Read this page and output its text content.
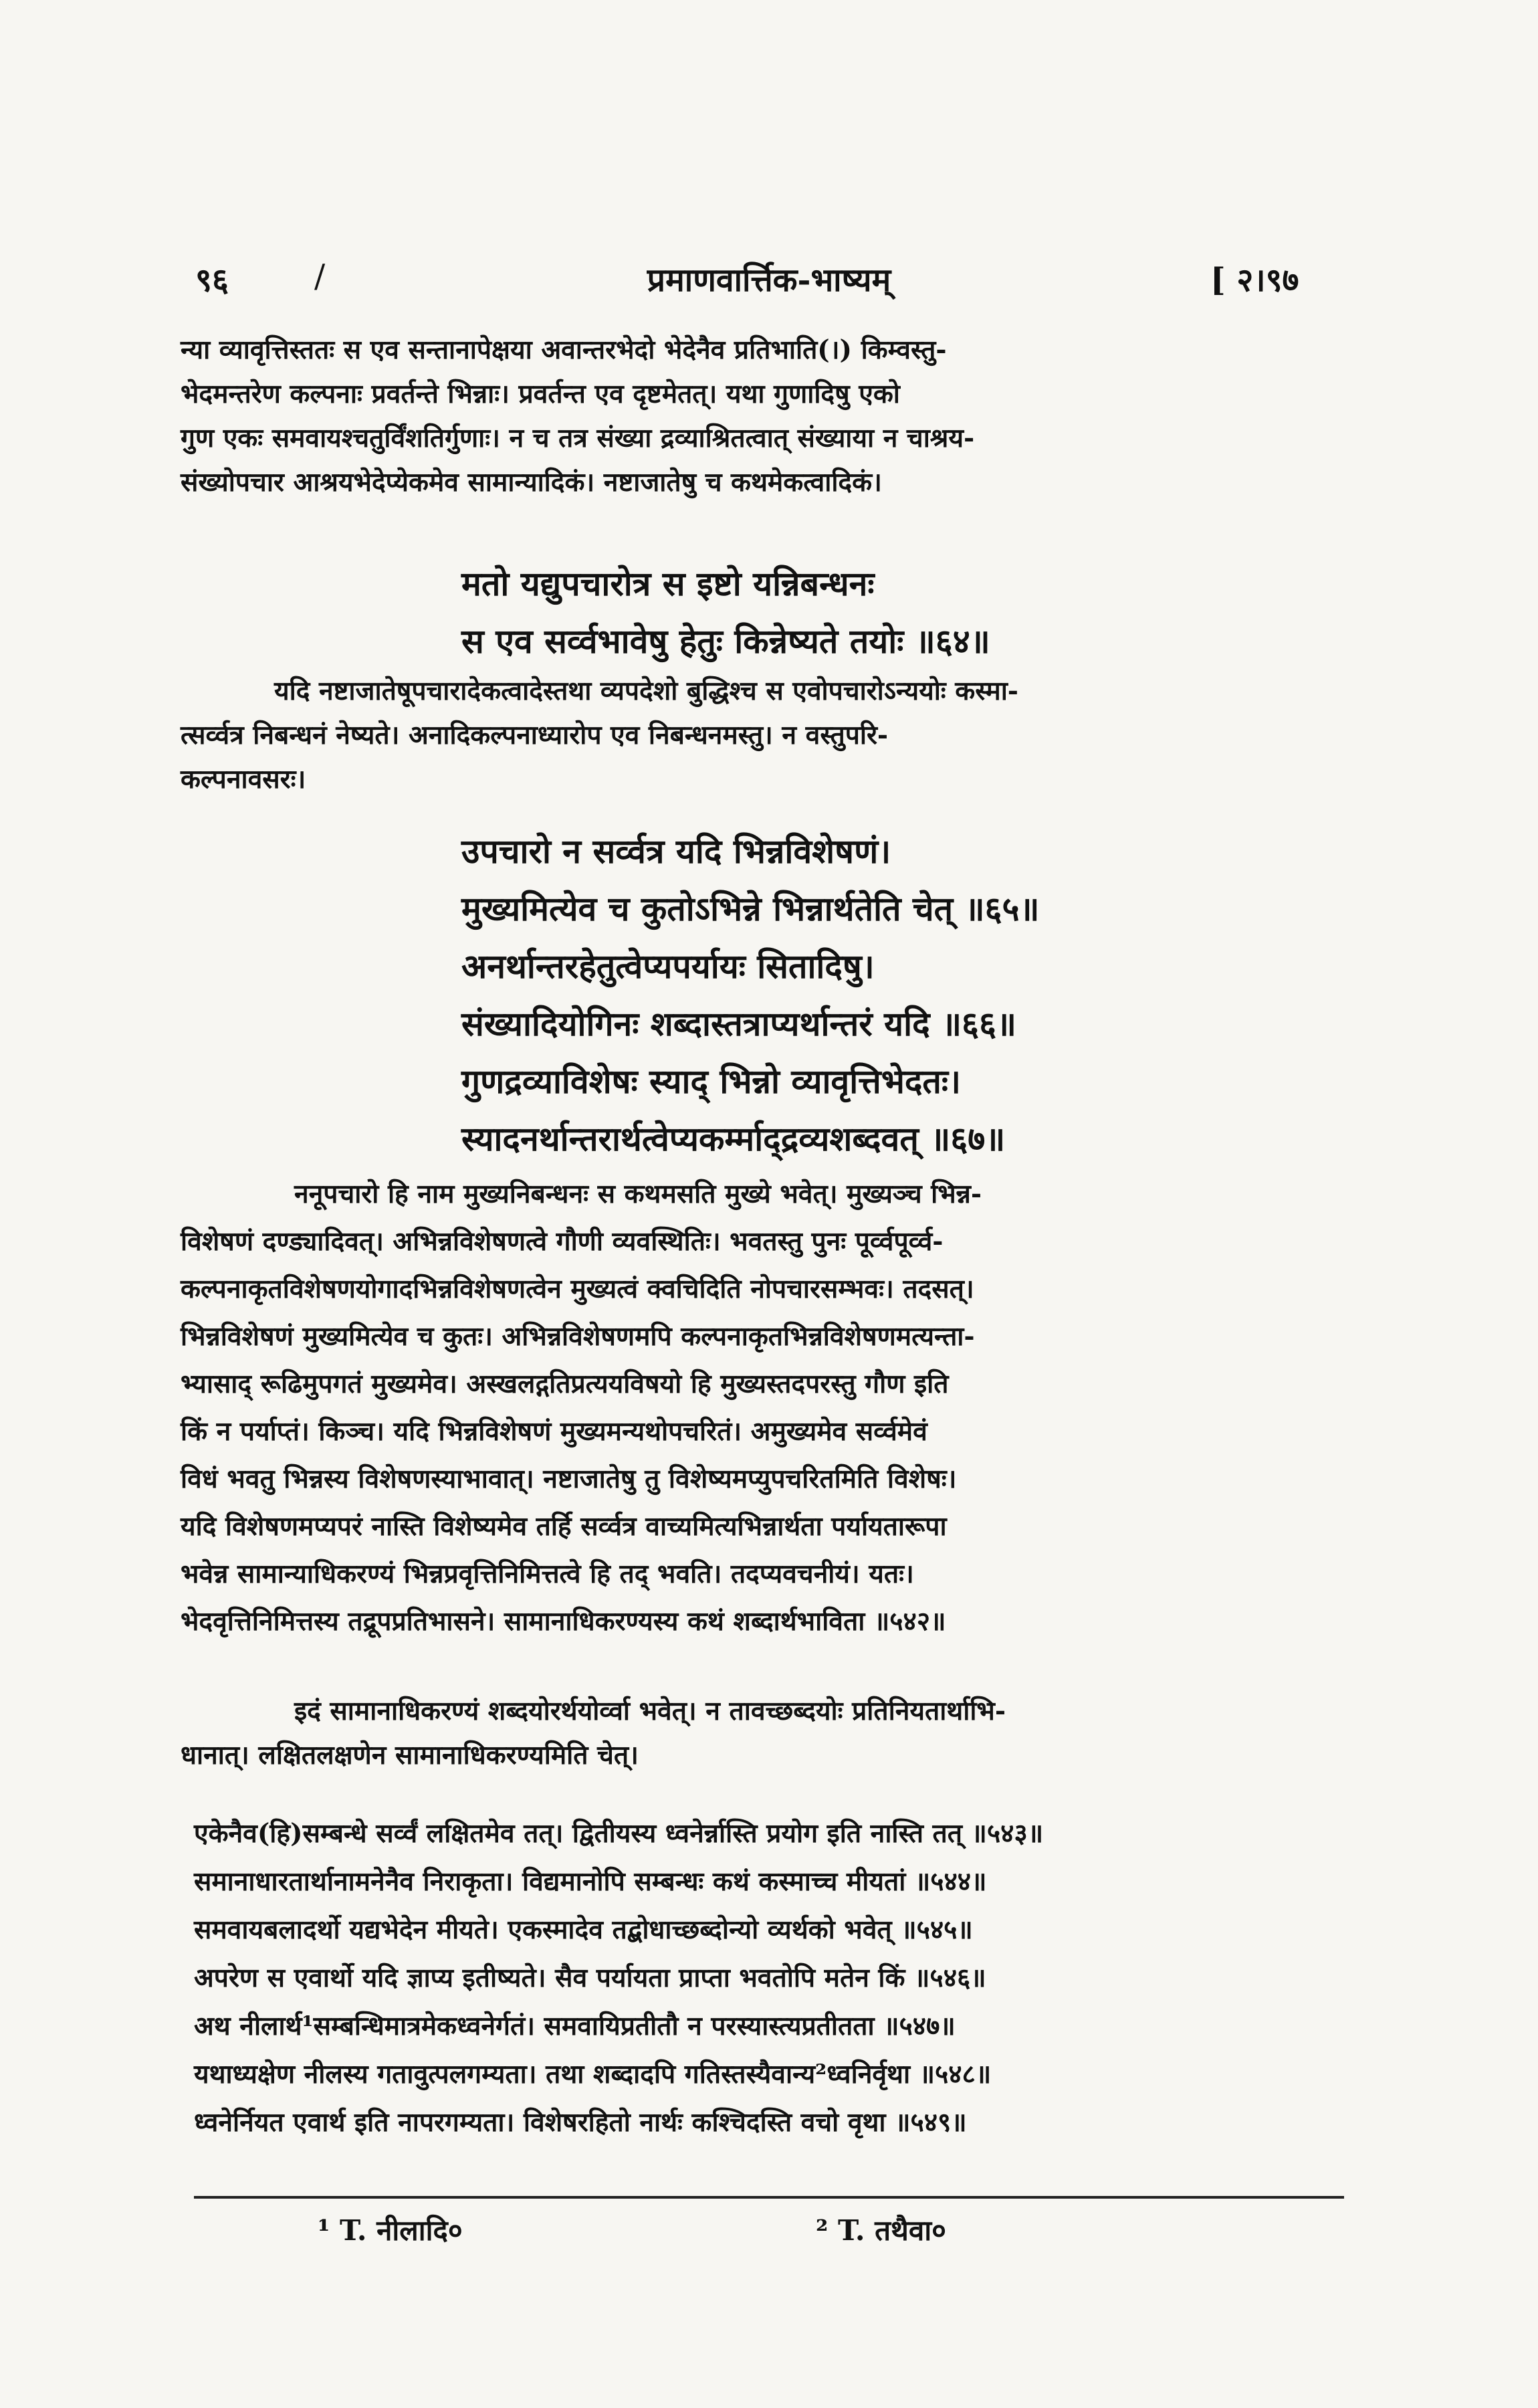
९६	/	प्रमाणवार्त्तिक-भाष्यम्	[ २।९७
न्या व्यावृत्तिस्ततः स एव सन्तानापेक्षया अवान्तरभेदो भेदेनैव प्रतिभाति(।) किम्वस्तु-
भेदमन्तरेण कल्पनाः प्रवर्तन्ते भिन्नाः। प्रवर्तन्त एव दृष्टमेतत्। यथा गुणादिषु एको
गुण एकः समवायश्चतुर्विंशतिर्गुणाः। न च तत्र संख्या द्रव्याश्रितत्वात् संख्याया न चाश्रय-
संख्योपचार आश्रयभेदेप्येकमेव सामान्यादिकं। नष्टाजातेषु च कथमेकत्वादिकं।
मतो यद्युपचारोत्र स इष्टो यन्निबन्धनः
स एव सर्व्वभावेषु हेतुः किन्नेष्यते तयोः ॥६४॥
यदि नष्टाजातेषूपचारादेकत्वादेस्तथा व्यपदेशो बुद्धिश्च स एवोपचारोऽन्ययोः कस्मा-
त्सर्व्वत्र निबन्धनं नेष्यते। अनादिकल्पनाध्यारोप एव निबन्धनमस्तु। न वस्तुपरि-
कल्पनावसरः।
उपचारो न सर्व्वत्र यदि भिन्नविशेषणं।
मुख्यमित्येव च कुतोऽभिन्ने भिन्नार्थतेति चेत् ॥६५॥
अनर्थान्तरहेतुत्वेप्यपर्यायः सितादिषु।
संख्यादियोगिनः शब्दास्तत्राप्यर्थान्तरं यदि ॥६६॥
गुणद्रव्याविशेषः स्याद् भिन्नो व्यावृत्तिभेदतः।
स्यादनर्थान्तरार्थत्वेप्यकर्म्माद्द्रव्यशब्दवत् ॥६७॥
ननूपचारो हि नाम मुख्यनिबन्धनः स कथमसति मुख्ये भवेत्। मुख्यञ्च भिन्न-
विशेषणं दण्ड्यादिवत्। अभिन्नविशेषणत्वे गौणी व्यवस्थितिः। भवतस्तु पुनः पूर्व्वपूर्व्व-
कल्पनाकृतविशेषणयोगादभिन्नविशेषणत्वेन मुख्यत्वं क्वचिदिति नोपचारसम्भवः। तदसत्।
भिन्नविशेषणं मुख्यमित्येव च कुतः। अभिन्नविशेषणमपि कल्पनाकृतभिन्नविशेषणमत्यन्ता-
भ्यासाद् रूढिमुपगतं मुख्यमेव। अस्खलद्गतिप्रत्ययविषयो हि मुख्यस्तदपरस्तु गौण इति
किं न पर्याप्तं। किञ्च। यदि भिन्नविशेषणं मुख्यमन्यथोपचरितं। अमुख्यमेव सर्व्वमेवं
विधं भवतु भिन्नस्य विशेषणस्याभावात्। नष्टाजातेषु तु विशेष्यमप्युपचरितमिति विशेषः।
यदि विशेषणमप्यपरं नास्ति विशेष्यमेव तर्हि सर्व्वत्र वाच्यमित्यभिन्नार्थता पर्यायतारूपा
भवेन्न सामान्याधिकरण्यं भिन्नप्रवृत्तिनिमित्तत्वे हि तद् भवति। तदप्यवचनीयं। यतः।
भेदवृत्तिनिमित्तस्य तद्रूपप्रतिभासने। सामानाधिकरण्यस्य कथं शब्दार्थभाविता ॥५४२॥
इदं सामानाधिकरण्यं शब्दयोरर्थयोर्व्वा भवेत्। न तावच्छब्दयोः प्रतिनियतार्थाभि-
धानात्। लक्षितलक्षणेन सामानाधिकरण्यमिति चेत्।
एकेनैव(हि)सम्बन्धे सर्व्वं लक्षितमेव तत्। द्वितीयस्य ध्वनेर्न्नास्ति प्रयोग इति नास्ति तत् ॥५४३॥
समानाधारतार्थानामनेनैव निराकृता। विद्यमानोपि सम्बन्धः कथं कस्माच्च मीयतां ॥५४४॥
समवायबलादर्थो यद्यभेदेन मीयते। एकस्मादेव तद्बोधाच्छब्दोन्यो व्यर्थको भवेत् ॥५४५॥
अपरेण स एवार्थो यदि ज्ञाप्य इतीष्यते। सैव पर्यायता प्राप्ता भवतोपि मतेन किं ॥५४६॥
अथ नीलार्थ¹सम्बन्धिमात्रमेकध्वनेर्गतं। समवायिप्रतीतौ न परस्यास्त्यप्रतीतता ॥५४७॥
यथाध्यक्षेण नीलस्य गतावुत्पलगम्यता। तथा शब्दादपि गतिस्तस्यैवान्य²ध्वनिर्वृथा ॥५४८॥
ध्वनेर्नियत एवार्थ इति नापरगम्यता। विशेषरहितो नार्थः कश्चिदस्ति वचो वृथा ॥५४९॥
¹ T. नीलादि०	² T. तथैवा०
